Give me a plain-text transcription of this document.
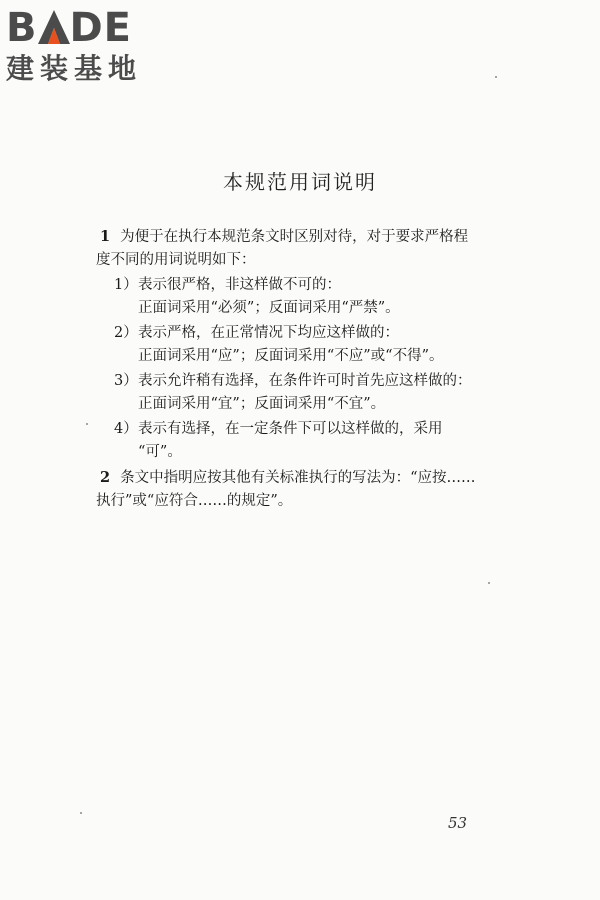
B DE
建装基地
本规范用词说明

1 为便于在执行本规范条文时区别对待，对于要求严格程
度不同的用词说明如下：

1）表示很严格，非这样做不可的：
正面词采用“必须”；反面词采用“严禁”。
2）表示严格，在正常情况下均应这样做的：
正面词采用“应”；反面词采用“不应”或“不得”。
3）表示允许稍有选择，在条件许可时首先应这样做的：
正面词采用“宜”；反面词采用“不宜”。
4）表示有选择，在一定条件下可以这样做的，采用
“可”。

2 条文中指明应按其他有关标准执行的写法为：“应按……
执行”或“应符合……的规定”。

53
